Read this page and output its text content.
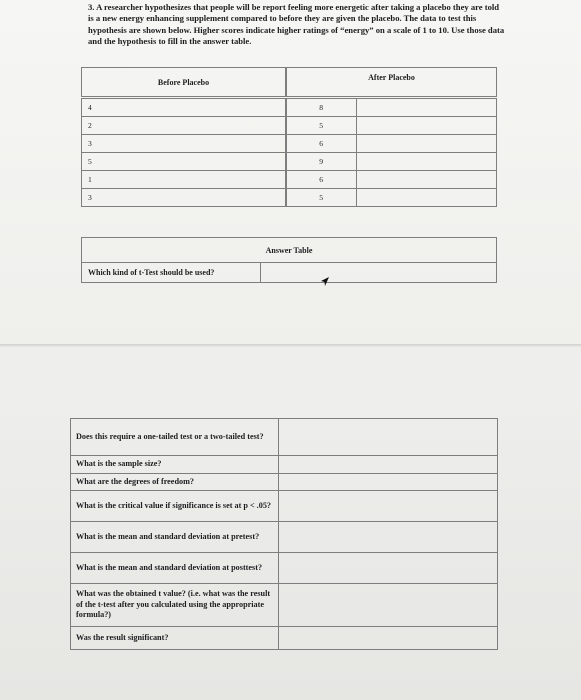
3. A researcher hypothesizes that people will be report feeling more energetic after taking a placebo they are told is a new energy enhancing supplement compared to before they are given the placebo. The data to test this hypothesis are shown below. Higher scores indicate higher ratings of “energy” on a scale of 1 to 10. Use those data and the hypothesis to fill in the answer table.
Before Placebo		After Placebo
4		8	
2		5	
3		6	
5		9	
1		6	
3		5	
Answer Table
Which kind of t-Test should be used?	
Does this require a one-tailed test or a two-tailed test?	
What is the sample size?	
What are the degrees of freedom?	
What is the critical value if significance is set at p < .05?	
What is the mean and standard deviation at pretest?	
What is the mean and standard deviation at posttest?	
What was the obtained t value? (i.e. what was the result of the t-test after you calculated using the appropriate formula?)	
Was the result significant?	
